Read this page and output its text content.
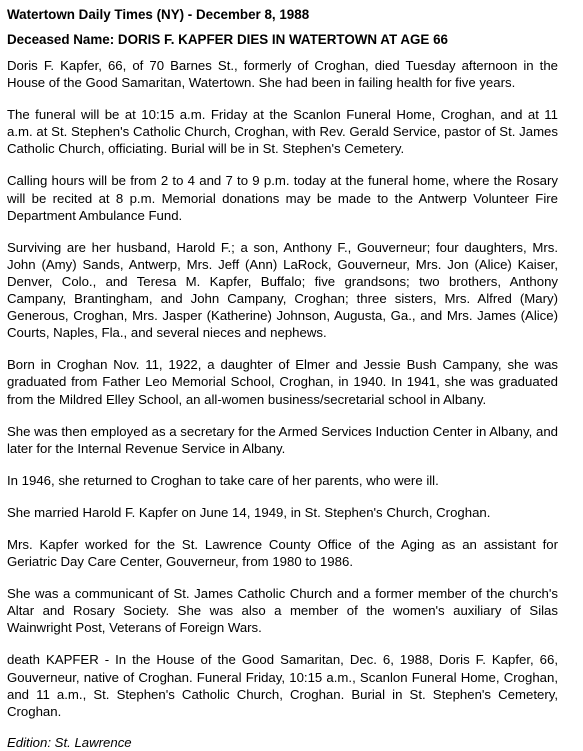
Watertown Daily Times (NY) - December 8, 1988

Deceased Name: DORIS F. KAPFER DIES IN WATERTOWN AT AGE 66

Doris F. Kapfer, 66, of 70 Barnes St., formerly of Croghan, died Tuesday afternoon in the House of the Good Samaritan, Watertown. She had been in failing health for five years.

The funeral will be at 10:15 a.m. Friday at the Scanlon Funeral Home, Croghan, and at 11 a.m. at St. Stephen's Catholic Church, Croghan, with Rev. Gerald Service, pastor of St. James Catholic Church, officiating. Burial will be in St. Stephen's Cemetery.

Calling hours will be from 2 to 4 and 7 to 9 p.m. today at the funeral home, where the Rosary will be recited at 8 p.m. Memorial donations may be made to the Antwerp Volunteer Fire Department Ambulance Fund.

Surviving are her husband, Harold F.; a son, Anthony F., Gouverneur; four daughters, Mrs. John (Amy) Sands, Antwerp, Mrs. Jeff (Ann) LaRock, Gouverneur, Mrs. Jon (Alice) Kaiser, Denver, Colo., and Teresa M. Kapfer, Buffalo; five grandsons; two brothers, Anthony Campany, Brantingham, and John Campany, Croghan; three sisters, Mrs. Alfred (Mary) Generous, Croghan, Mrs. Jasper (Katherine) Johnson, Augusta, Ga., and Mrs. James (Alice) Courts, Naples, Fla., and several nieces and nephews.

Born in Croghan Nov. 11, 1922, a daughter of Elmer and Jessie Bush Campany, she was graduated from Father Leo Memorial School, Croghan, in 1940. In 1941, she was graduated from the Mildred Elley School, an all-women business/secretarial school in Albany.

She was then employed as a secretary for the Armed Services Induction Center in Albany, and later for the Internal Revenue Service in Albany.

In 1946, she returned to Croghan to take care of her parents, who were ill.

She married Harold F. Kapfer on June 14, 1949, in St. Stephen's Church, Croghan.

Mrs. Kapfer worked for the St. Lawrence County Office of the Aging as an assistant for Geriatric Day Care Center, Gouverneur, from 1980 to 1986.

She was a communicant of St. James Catholic Church and a former member of the church's Altar and Rosary Society. She was also a member of the women's auxiliary of Silas Wainwright Post, Veterans of Foreign Wars.

death KAPFER - In the House of the Good Samaritan, Dec. 6, 1988, Doris F. Kapfer, 66, Gouverneur, native of Croghan. Funeral Friday, 10:15 a.m., Scanlon Funeral Home, Croghan, and 11 a.m., St. Stephen's Catholic Church, Croghan. Burial in St. Stephen's Cemetery, Croghan.

Edition: St. Lawrence
